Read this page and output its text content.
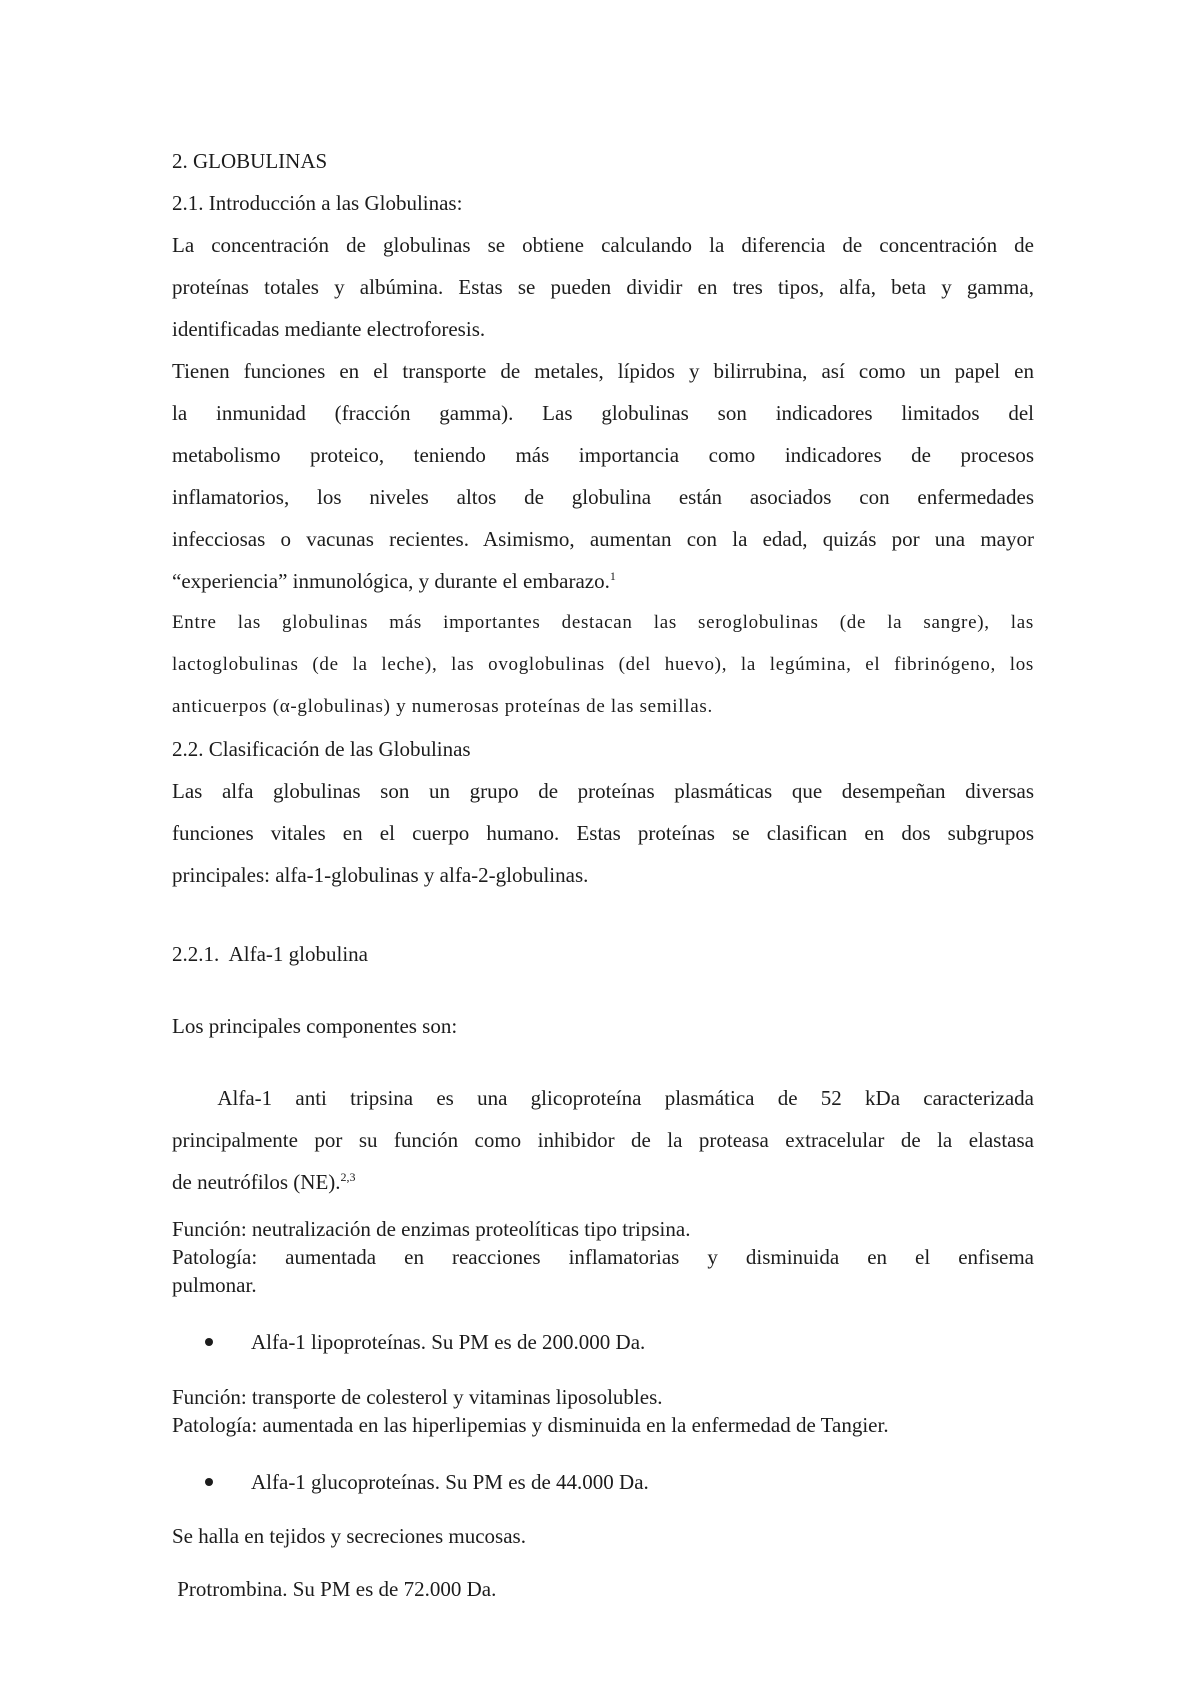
2. GLOBULINAS

2.1. Introducción a las Globulinas:

La concentración de globulinas se obtiene calculando la diferencia de concentración de

proteínas totales y albúmina. Estas se pueden dividir en tres tipos, alfa, beta y gamma,

identificadas mediante electroforesis.

Tienen funciones en el transporte de metales, lípidos y bilirrubina, así como un papel en

la inmunidad (fracción gamma). Las globulinas son indicadores limitados del

metabolismo proteico, teniendo más importancia como indicadores de procesos

inflamatorios, los niveles altos de globulina están asociados con enfermedades

infecciosas o vacunas recientes. Asimismo, aumentan con la edad, quizás por una mayor

“experiencia” inmunológica, y durante el embarazo.$^1$

Entre las globulinas más importantes destacan las seroglobulinas (de la sangre), las

lactoglobulinas (de la leche), las ovoglobulinas (del huevo), la legúmina, el fibrinógeno, los

anticuerpos (α-globulinas) y numerosas proteínas de las semillas.

2.2. Clasificación de las Globulinas

Las alfa globulinas son un grupo de proteínas plasmáticas que desempeñan diversas

funciones vitales en el cuerpo humano. Estas proteínas se clasifican en dos subgrupos

principales: alfa-1-globulinas y alfa-2-globulinas.

2.2.1.  Alfa-1 globulina

Los principales componentes son:

Alfa-1 anti tripsina es una glicoproteína plasmática de 52 kDa caracterizada

principalmente por su función como inhibidor de la proteasa extracelular de la elastasa

de neutrófilos (NE).$^{2,3}$

Función: neutralización de enzimas proteolíticas tipo tripsina.

Patología: aumentada en reacciones inflamatorias y disminuida en el enfisema

pulmonar.

Alfa-1 lipoproteínas. Su PM es de 200.000 Da.

Función: transporte de colesterol y vitaminas liposolubles.

Patología: aumentada en las hiperlipemias y disminuida en la enfermedad de Tangier.

Alfa-1 glucoproteínas. Su PM es de 44.000 Da.

Se halla en tejidos y secreciones mucosas.

Protrombina. Su PM es de 72.000 Da.
